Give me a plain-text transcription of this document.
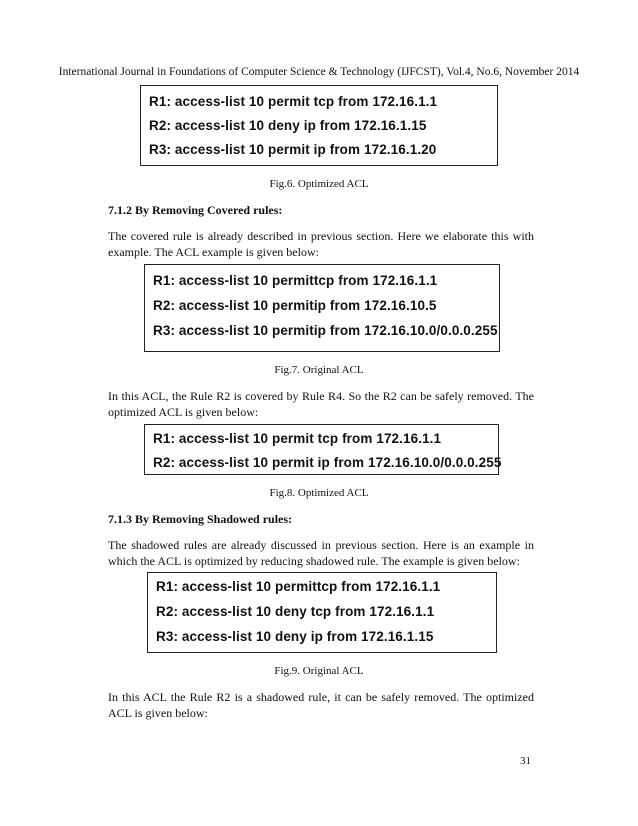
International Journal in Foundations of Computer Science & Technology (IJFCST), Vol.4, No.6, November 2014
R1: access-list 10 permit tcp from 172.16.1.1
R2: access-list 10 deny ip from 172.16.1.15
R3: access-list 10 permit ip from 172.16.1.20
Fig.6. Optimized ACL
7.1.2 By Removing Covered rules:
The covered rule is already described in previous section. Here we elaborate this with example. The ACL example is given below:
R1: access-list 10 permittcp from 172.16.1.1
R2: access-list 10 permitip from 172.16.10.5
R3: access-list 10 permitip from 172.16.10.0/0.0.0.255
Fig.7. Original ACL
In this ACL, the Rule R2 is covered by Rule R4. So the R2 can be safely removed. The optimized ACL is given below:
R1: access-list 10 permit tcp from 172.16.1.1
R2: access-list 10 permit ip from 172.16.10.0/0.0.0.255
Fig.8. Optimized ACL
7.1.3 By Removing Shadowed rules:
The shadowed rules are already discussed in previous section. Here is an example in which the ACL is optimized by reducing shadowed rule. The example is given below:
R1: access-list 10 permittcp from 172.16.1.1
R2: access-list 10 deny tcp from 172.16.1.1
R3: access-list 10 deny ip from 172.16.1.15
Fig.9. Original ACL
In this ACL the Rule R2 is a shadowed rule, it can be safely removed. The optimized ACL is given below:
31
